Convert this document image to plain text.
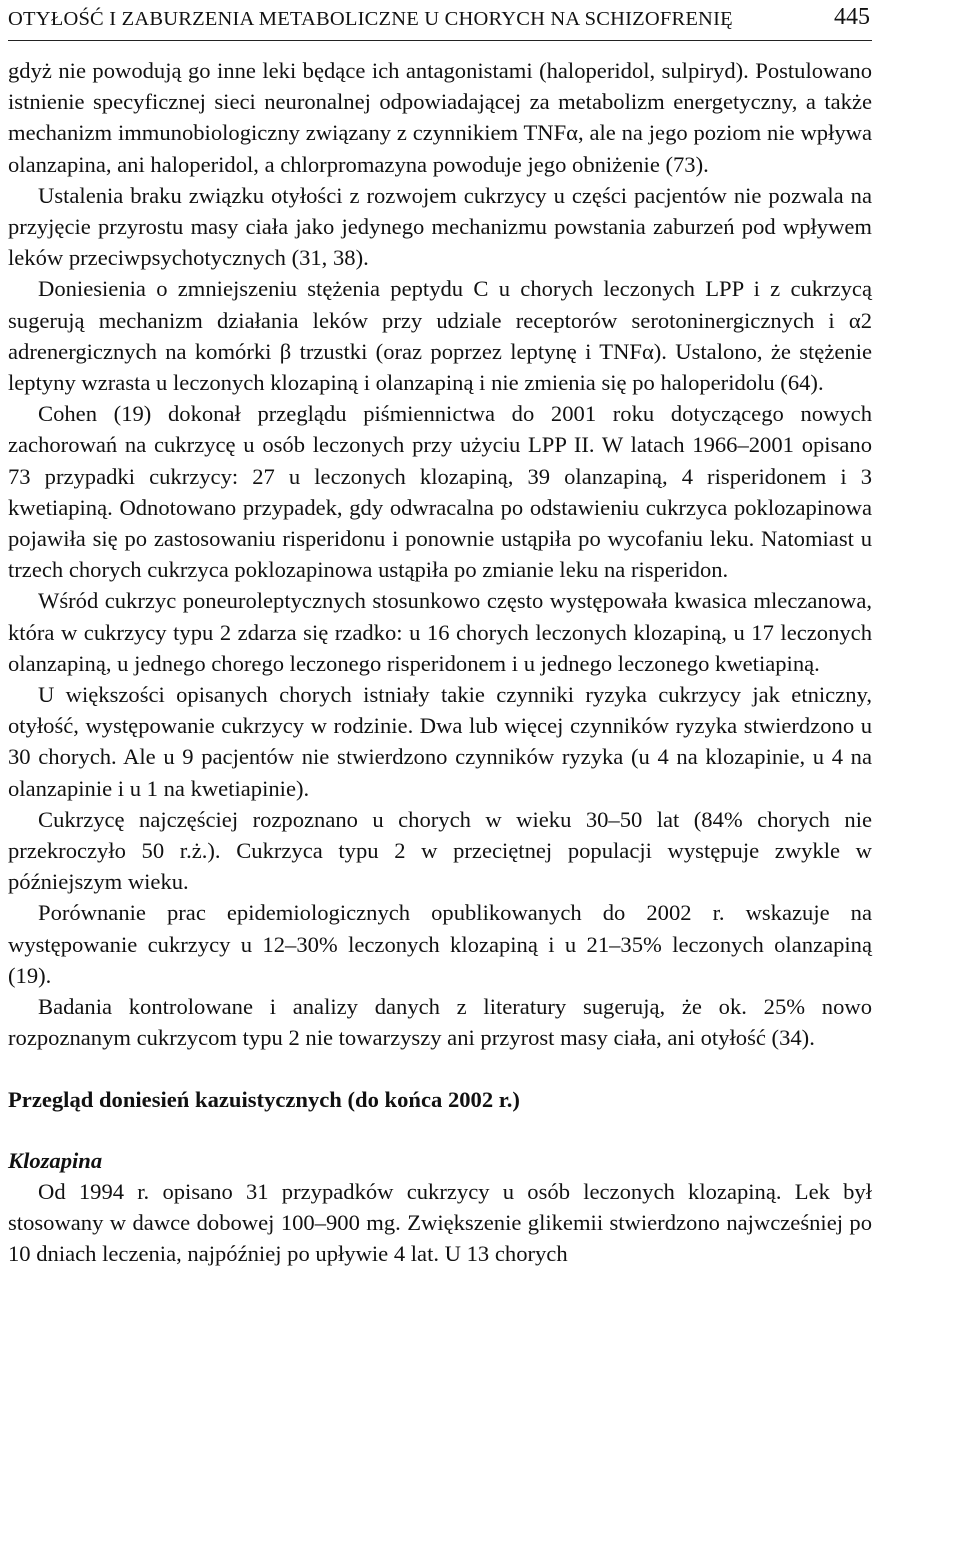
OTYŁOŚĆ I ZABURZENIA METABOLICZNE U CHORYCH NA SCHIZOFRENIĘ	445

gdyż nie powodują go inne leki będące ich antagonistami (haloperidol, sulpiryd). Postulowano istnienie specyficznej sieci neuronalnej odpowiadającej za metabolizm energetyczny, a także mechanizm immunobiologiczny związany z czynnikiem TNFα, ale na jego poziom nie wpływa olanzapina, ani haloperidol, a chlorpromazyna powoduje jego obniżenie (73).

Ustalenia braku związku otyłości z rozwojem cukrzycy u części pacjentów nie pozwala na przyjęcie przyrostu masy ciała jako jedynego mechanizmu powstania zaburzeń pod wpływem leków przeciwpsychotycznych (31, 38).

Doniesienia o zmniejszeniu stężenia peptydu C u chorych leczonych LPP i z cukrzycą sugerują mechanizm działania leków przy udziale receptorów serotoninergicznych i α2 adrenergicznych na komórki β trzustki (oraz poprzez leptynę i TNFα). Ustalono, że stężenie leptyny wzrasta u leczonych klozapiną i olanzapiną i nie zmienia się po haloperidolu (64).

Cohen (19) dokonał przeglądu piśmiennictwa do 2001 roku dotyczącego nowych zachorowań na cukrzycę u osób leczonych przy użyciu LPP II. W latach 1966–2001 opisano 73 przypadki cukrzycy: 27 u leczonych klozapiną, 39 olanzapiną, 4 risperidonem i 3 kwetiapiną. Odnotowano przypadek, gdy odwracalna po odstawieniu cukrzyca poklozapinowa pojawiła się po zastosowaniu risperidonu i ponownie ustąpiła po wycofaniu leku. Natomiast u trzech chorych cukrzyca poklozapinowa ustąpiła po zmianie leku na risperidon.

Wśród cukrzyc poneuroleptycznych stosunkowo często występowała kwasica mleczanowa, która w cukrzycy typu 2 zdarza się rzadko: u 16 chorych leczonych klozapiną, u 17 leczonych olanzapiną, u jednego chorego leczonego risperidonem i u jednego leczonego kwetiapiną.

U większości opisanych chorych istniały takie czynniki ryzyka cukrzycy jak etniczny, otyłość, występowanie cukrzycy w rodzinie. Dwa lub więcej czynników ryzyka stwierdzono u 30 chorych. Ale u 9 pacjentów nie stwierdzono czynników ryzyka (u 4 na klozapinie, u 4 na olanzapinie i u 1 na kwetiapinie).

Cukrzycę najczęściej rozpoznano u chorych w wieku 30–50 lat (84% chorych nie przekroczyło 50 r.ż.). Cukrzyca typu 2 w przeciętnej populacji występuje zwykle w późniejszym wieku.

Porównanie prac epidemiologicznych opublikowanych do 2002 r. wskazuje na występowanie cukrzycy u 12–30% leczonych klozapiną i u 21–35% leczonych olanzapiną (19).

Badania kontrolowane i analizy danych z literatury sugerują, że ok. 25% nowo rozpoznanym cukrzycom typu 2 nie towarzyszy ani przyrost masy ciała, ani otyłość (34).

Przegląd doniesień kazuistycznych (do końca 2002 r.)
Klozapina

Od 1994 r. opisano 31 przypadków cukrzycy u osób leczonych klozapiną. Lek był stosowany w dawce dobowej 100–900 mg. Zwiększenie glikemii stwierdzono najwcześniej po 10 dniach leczenia, najpóźniej po upływie 4 lat. U 13 chorych
